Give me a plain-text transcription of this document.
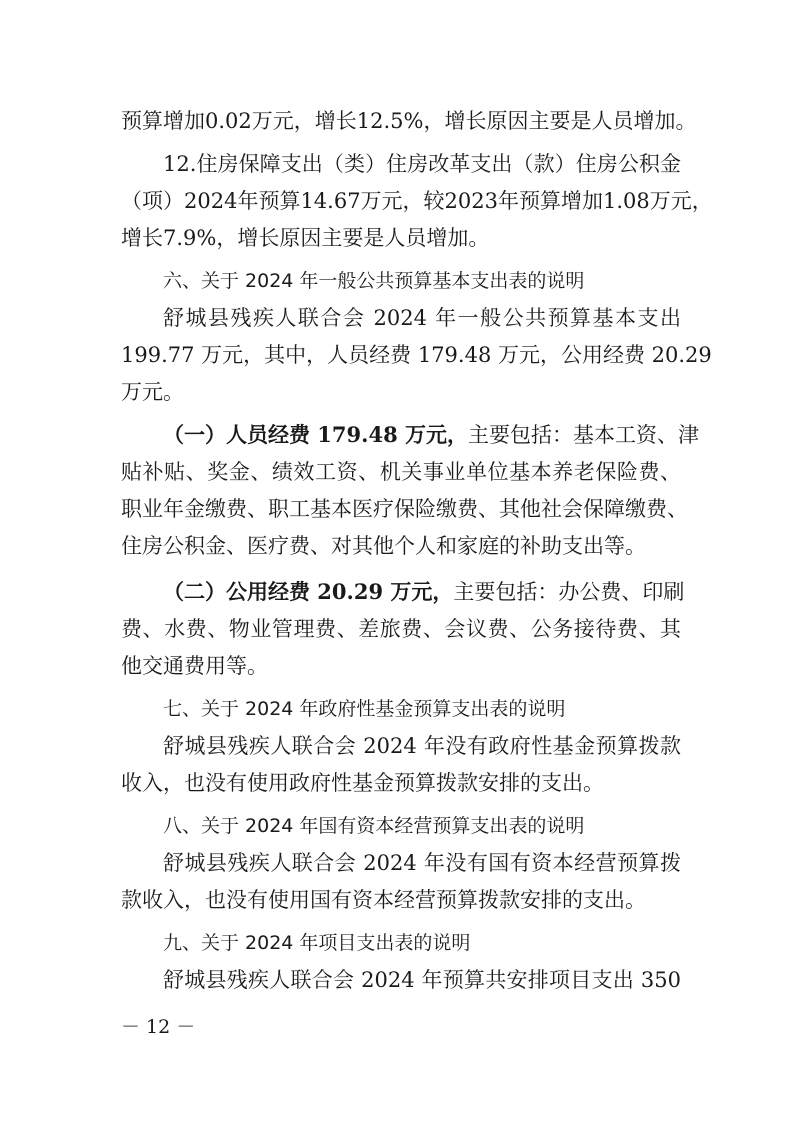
预算增加0.02万元，增长12.5%，增长原因主要是人员增加。
12.住房保障支出（类）住房改革支出（款）住房公积金
（项）2024年预算14.67万元，较2023年预算增加1.08万元，
增长7.9%，增长原因主要是人员增加。
六、关于 2024 年一般公共预算基本支出表的说明
舒城县残疾人联合会 2024 年一般公共预算基本支出
199.77 万元，其中，人员经费 179.48 万元，公用经费 20.29
万元。
（一）人员经费 179.48 万元，主要包括：基本工资、津
贴补贴、奖金、绩效工资、机关事业单位基本养老保险费、
职业年金缴费、职工基本医疗保险缴费、其他社会保障缴费、
住房公积金、医疗费、对其他个人和家庭的补助支出等。
（二）公用经费 20.29 万元，主要包括：办公费、印刷
费、水费、物业管理费、差旅费、会议费、公务接待费、其
他交通费用等。
七、关于 2024 年政府性基金预算支出表的说明
舒城县残疾人联合会 2024 年没有政府性基金预算拨款
收入，也没有使用政府性基金预算拨款安排的支出。
八、关于 2024 年国有资本经营预算支出表的说明
舒城县残疾人联合会 2024 年没有国有资本经营预算拨
款收入，也没有使用国有资本经营预算拨款安排的支出。
九、关于 2024 年项目支出表的说明
舒城县残疾人联合会 2024 年预算共安排项目支出 350
－ 12 －
